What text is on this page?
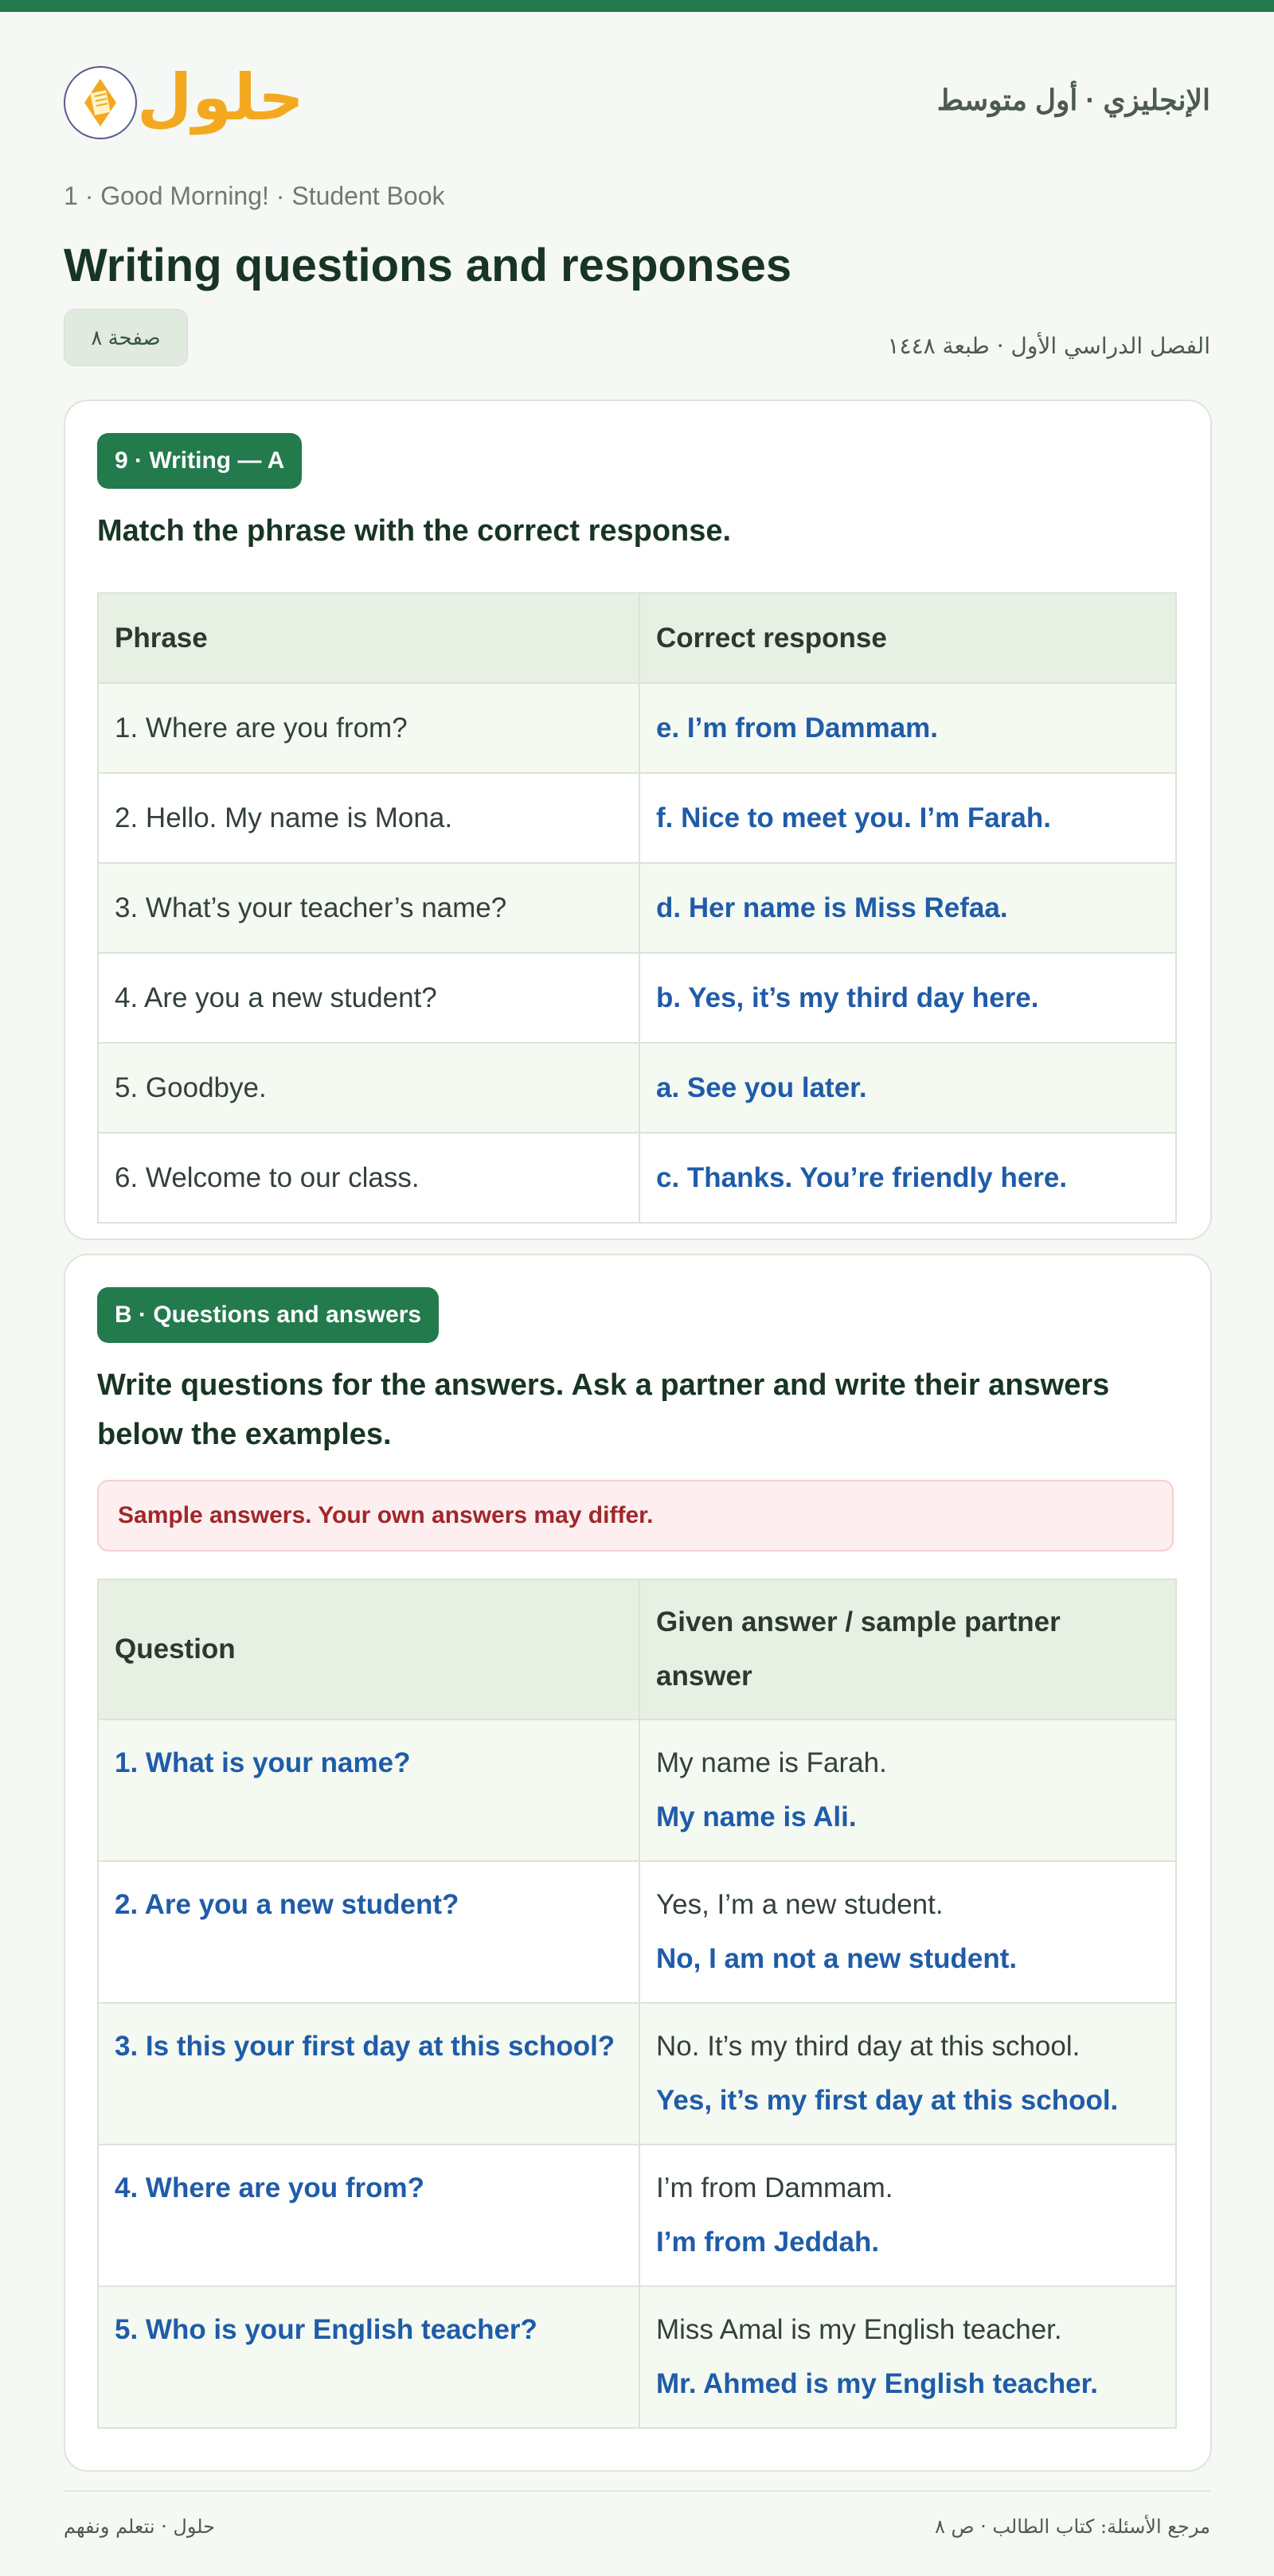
حلول	الإنجليزي · أول متوسط
1 · Good Morning! · Student Book
Writing questions and responses
صفحة ٨	الفصل الدراسي الأول · طبعة ١٤٤٨
9 · Writing — A

Match the phrase with the correct response.

Phrase	Correct response
1. Where are you from?	e. I’m from Dammam.
2. Hello. My name is Mona.	f. Nice to meet you. I’m Farah.
3. What’s your teacher’s name?	d. Her name is Miss Refaa.
4. Are you a new student?	b. Yes, it’s my third day here.
5. Goodbye.	a. See you later.
6. Welcome to our class.	c. Thanks. You’re friendly here.
B · Questions and answers

Write questions for the answers. Ask a partner and write their answers below the examples.

Sample answers. Your own answers may differ.
Question	Given answer / sample partner answer
1. What is your name?	My name is Farah.
My name is Ali.

2. Are you a new student?	Yes, I’m a new student.
No, I am not a new student.

3. Is this your first day at this school?	No. It’s my third day at this school.
Yes, it’s my first day at this school.

4. Where are you from?	I’m from Dammam.
I’m from Jeddah.

5. Who is your English teacher?	Miss Amal is my English teacher.
Mr. Ahmed is my English teacher.
حلول · نتعلم ونفهم	مرجع الأسئلة: كتاب الطالب · ص ٨
